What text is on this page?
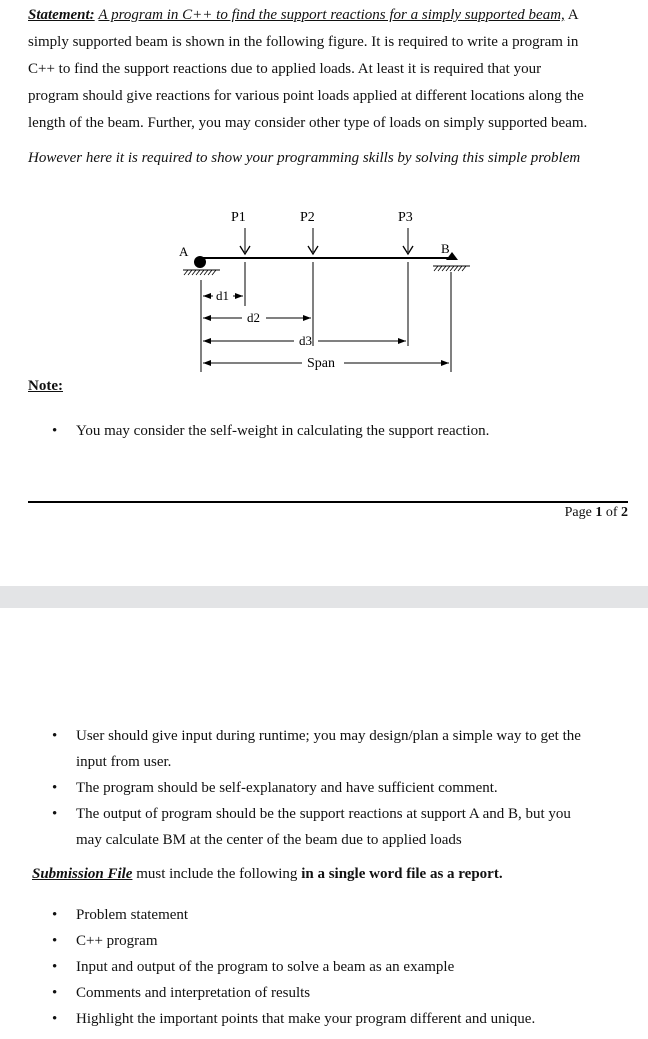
Statement: A program in C++ to find the support reactions for a simply supported beam, A
simply supported beam is shown in the following figure. It is required to write a program in
C++ to find the support reactions due to applied loads. At least it is required that your
program should give reactions for various point loads applied at different locations along the
length of the beam. Further, you may consider other type of loads on simply supported beam.
However here it is required to show your programming skills by solving this simple problem
P1	P2	P3
A	B
d1
d2
d3
Span
Note:
• You may consider the self-weight in calculating the support reaction.
Page 1 of 2
• User should give input during runtime; you may design/plan a simple way to get the
input from user.
• The program should be self-explanatory and have sufficient comment.
• The output of program should be the support reactions at support A and B, but you
may calculate BM at the center of the beam due to applied loads
Submission File must include the following in a single word file as a report.
• Problem statement
• C++ program
• Input and output of the program to solve a beam as an example
• Comments and interpretation of results
• Highlight the important points that make your program different and unique.
